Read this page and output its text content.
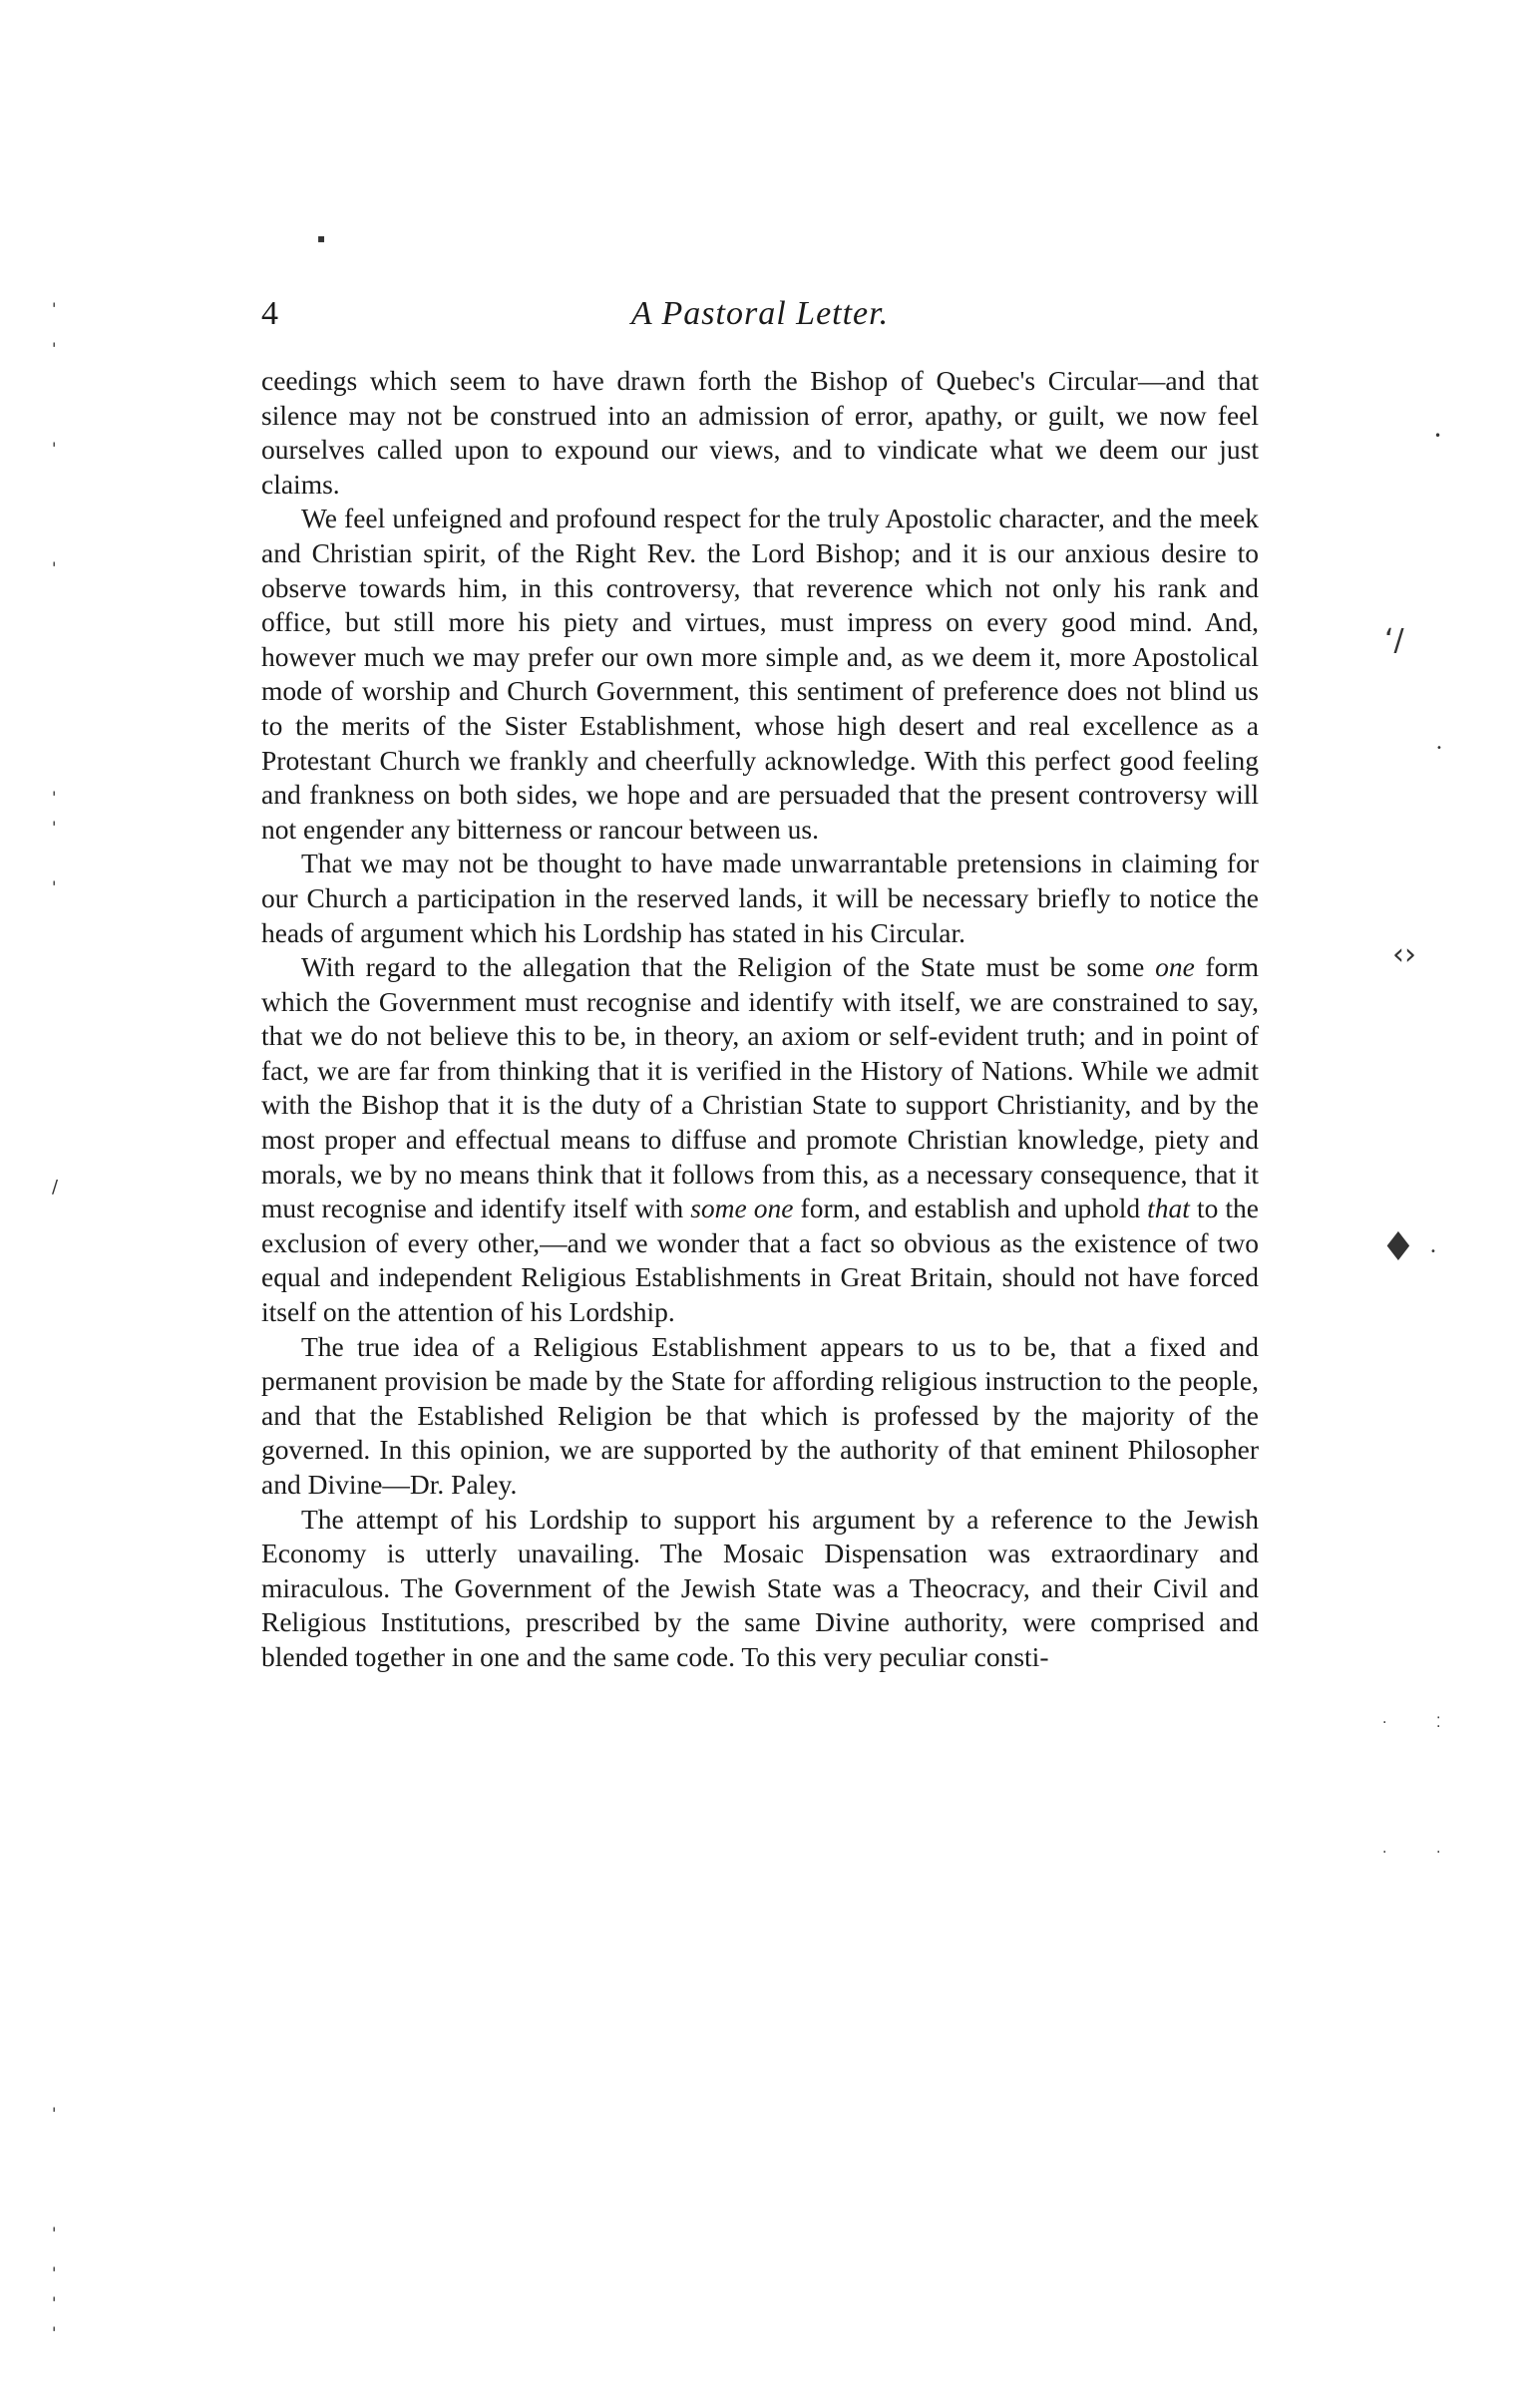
4	A Pastoral Letter.

ceedings which seem to have drawn forth the Bishop of Quebec's Circular—and that silence may not be construed into an admission of error, apathy, or guilt, we now feel ourselves called upon to expound our views, and to vindicate what we deem our just claims.

We feel unfeigned and profound respect for the truly Apostolic character, and the meek and Christian spirit, of the Right Rev. the Lord Bishop; and it is our anxious desire to observe towards him, in this controversy, that reverence which not only his rank and office, but still more his piety and virtues, must impress on every good mind. And, however much we may prefer our own more simple and, as we deem it, more Apostolical mode of worship and Church Government, this sentiment of preference does not blind us to the merits of the Sister Establishment, whose high desert and real excellence as a Protestant Church we frankly and cheerfully acknowledge. With this perfect good feeling and frankness on both sides, we hope and are persuaded that the present controversy will not engender any bitterness or rancour between us.

That we may not be thought to have made unwarrantable pretensions in claiming for our Church a participation in the reserved lands, it will be necessary briefly to notice the heads of argument which his Lordship has stated in his Circular.

With regard to the allegation that the Religion of the State must be some one form which the Government must recognise and identify with itself, we are constrained to say, that we do not believe this to be, in theory, an axiom or self-evident truth; and in point of fact, we are far from thinking that it is verified in the History of Nations. While we admit with the Bishop that it is the duty of a Christian State to support Christianity, and by the most proper and effectual means to diffuse and promote Christian knowledge, piety and morals, we by no means think that it follows from this, as a necessary consequence, that it must recognise and identify itself with some one form, and establish and uphold that to the exclusion of every other,—and we wonder that a fact so obvious as the existence of two equal and independent Religious Establishments in Great Britain, should not have forced itself on the attention of his Lordship.

The true idea of a Religious Establishment appears to us to be, that a fixed and permanent provision be made by the State for affording religious instruction to the people, and that the Established Religion be that which is professed by the majority of the governed. In this opinion, we are supported by the authority of that eminent Philosopher and Divine—Dr. Paley.

The attempt of his Lordship to support his argument by a reference to the Jewish Economy is utterly unavailing. The Mosaic Dispensation was extraordinary and miraculous. The Government of the Jewish State was a Theocracy, and their Civil and Religious Institutions, prescribed by the same Divine authority, were comprised and blended together in one and the same code. To this very peculiar consti-

▪
'
'
'
'
•
‘/
•
'
'
'
‹›
/
♦ •
·	⁚
·	·
'
'
'
'
'
